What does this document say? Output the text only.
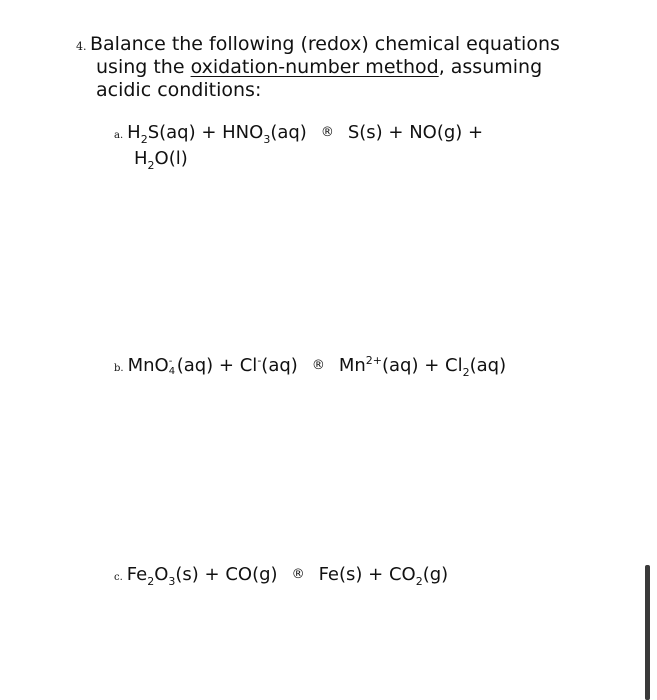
4. Balance the following (redox) chemical equations
using the oxidation-number method, assuming
acidic conditions:
a. $H_2S(aq) + HNO_3(aq)$ ® S(s) + NO(g) +
$H_2O(l)$
b. MnO -
4 (aq) + Cl-(aq) ® $Mn^{2+}(aq) + Cl_2(aq)$
c. $Fe_2O_3(s) + CO(g)$ ® $Fe(s) + CO_2(g)$
